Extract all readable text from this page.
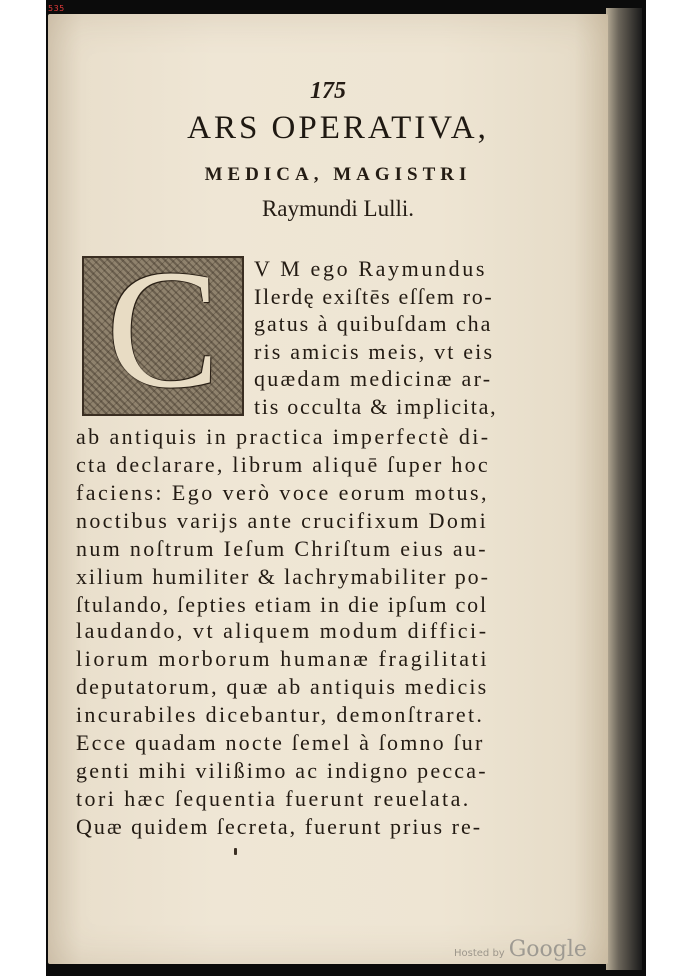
175
ARS OPERATIVA,
MEDICA, MAGISTRI
Raymundi Lulli.
C	V M ego Raymundus
Ilerdę exiſtēs eſſem ro-
gatus à quibuſdam cha
ris amicis meis, vt eis
quædam medicinæ ar-
tis occulta & implicita,
ab antiquis in practica imperfectè di-
cta declarare, librum aliquē ſuper hoc
faciens: Ego verò voce eorum motus,
noctibus varijs ante crucifixum Domi
num noſtrum Ieſum Chriſtum eius au-
xilium humiliter & lachrymabiliter po-
ſtulando, ſepties etiam in die ipſum col
laudando, vt aliquem modum diffici-
liorum morborum humanæ fragilitati
deputatorum, quæ ab antiquis medicis
incurabiles dicebantur, demonſtraret.
Ecce quadam nocte ſemel à ſomno ſur
genti mihi vilißimo ac indigno pecca-
tori hæc ſequentia fuerunt reuelata.
Quæ quidem ſecreta, fuerunt prius re-
535
Hosted by Google
